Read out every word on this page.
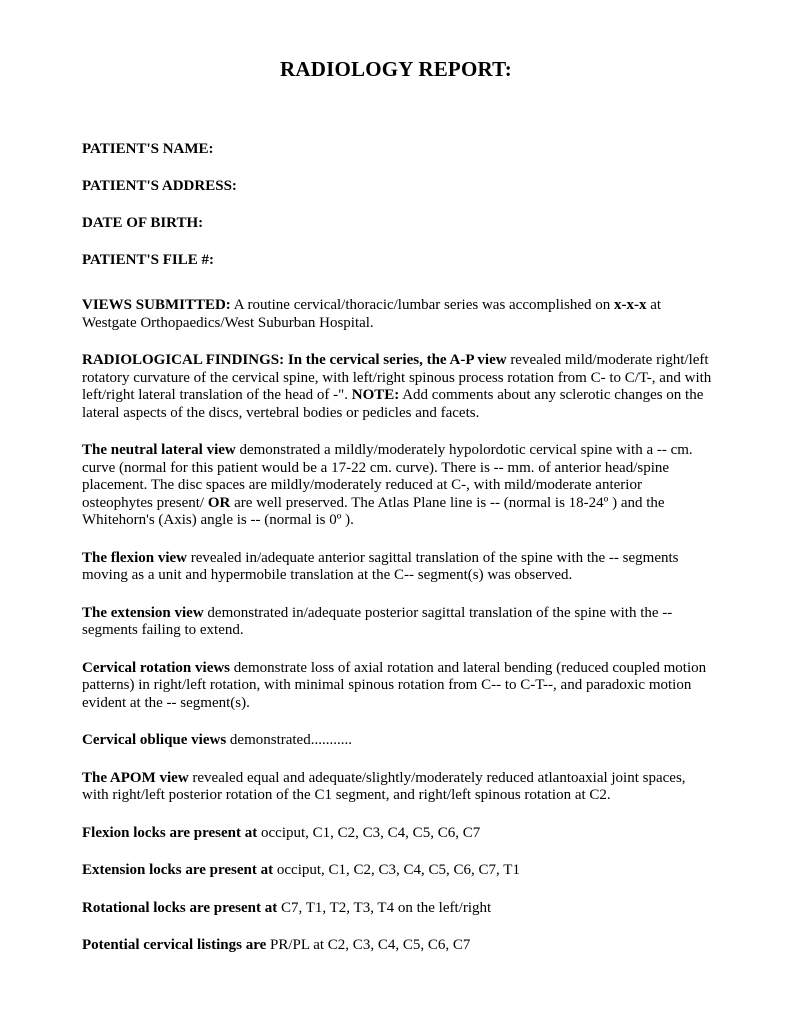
RADIOLOGY REPORT:

PATIENT'S NAME:

PATIENT'S ADDRESS:

DATE OF BIRTH:

PATIENT'S FILE #:

VIEWS SUBMITTED: A routine cervical/thoracic/lumbar series was accomplished on x-x-x at Westgate Orthopaedics/West Suburban Hospital.

RADIOLOGICAL FINDINGS: In the cervical series, the A-P view revealed mild/moderate right/left rotatory curvature of the cervical spine, with left/right spinous process rotation from C- to C/T-, and with left/right lateral translation of the head of -". NOTE: Add comments about any sclerotic changes on the lateral aspects of the discs, vertebral bodies or pedicles and facets.

The neutral lateral view demonstrated a mildly/moderately hypolordotic cervical spine with a -- cm. curve (normal for this patient would be a 17-22 cm. curve). There is -- mm. of anterior head/spine placement. The disc spaces are mildly/moderately reduced at C-, with mild/moderate anterior osteophytes present/ OR are well preserved. The Atlas Plane line is -- (normal is 18-24º ) and the Whitehorn's (Axis) angle is -- (normal is 0º ).

The flexion view revealed in/adequate anterior sagittal translation of the spine with the -- segments moving as a unit and hypermobile translation at the C-- segment(s) was observed.

The extension view demonstrated in/adequate posterior sagittal translation of the spine with the -- segments failing to extend.

Cervical rotation views demonstrate loss of axial rotation and lateral bending (reduced coupled motion patterns) in right/left rotation, with minimal spinous rotation from C-- to C-T--, and paradoxic motion evident at the -- segment(s).

Cervical oblique views demonstrated...........

The APOM view revealed equal and adequate/slightly/moderately reduced atlantoaxial joint spaces, with right/left posterior rotation of the C1 segment, and right/left spinous rotation at C2.

Flexion locks are present at occiput, C1, C2, C3, C4, C5, C6, C7

Extension locks are present at occiput, C1, C2, C3, C4, C5, C6, C7, T1

Rotational locks are present at C7, T1, T2, T3, T4 on the left/right

Potential cervical listings are PR/PL at C2, C3, C4, C5, C6, C7
